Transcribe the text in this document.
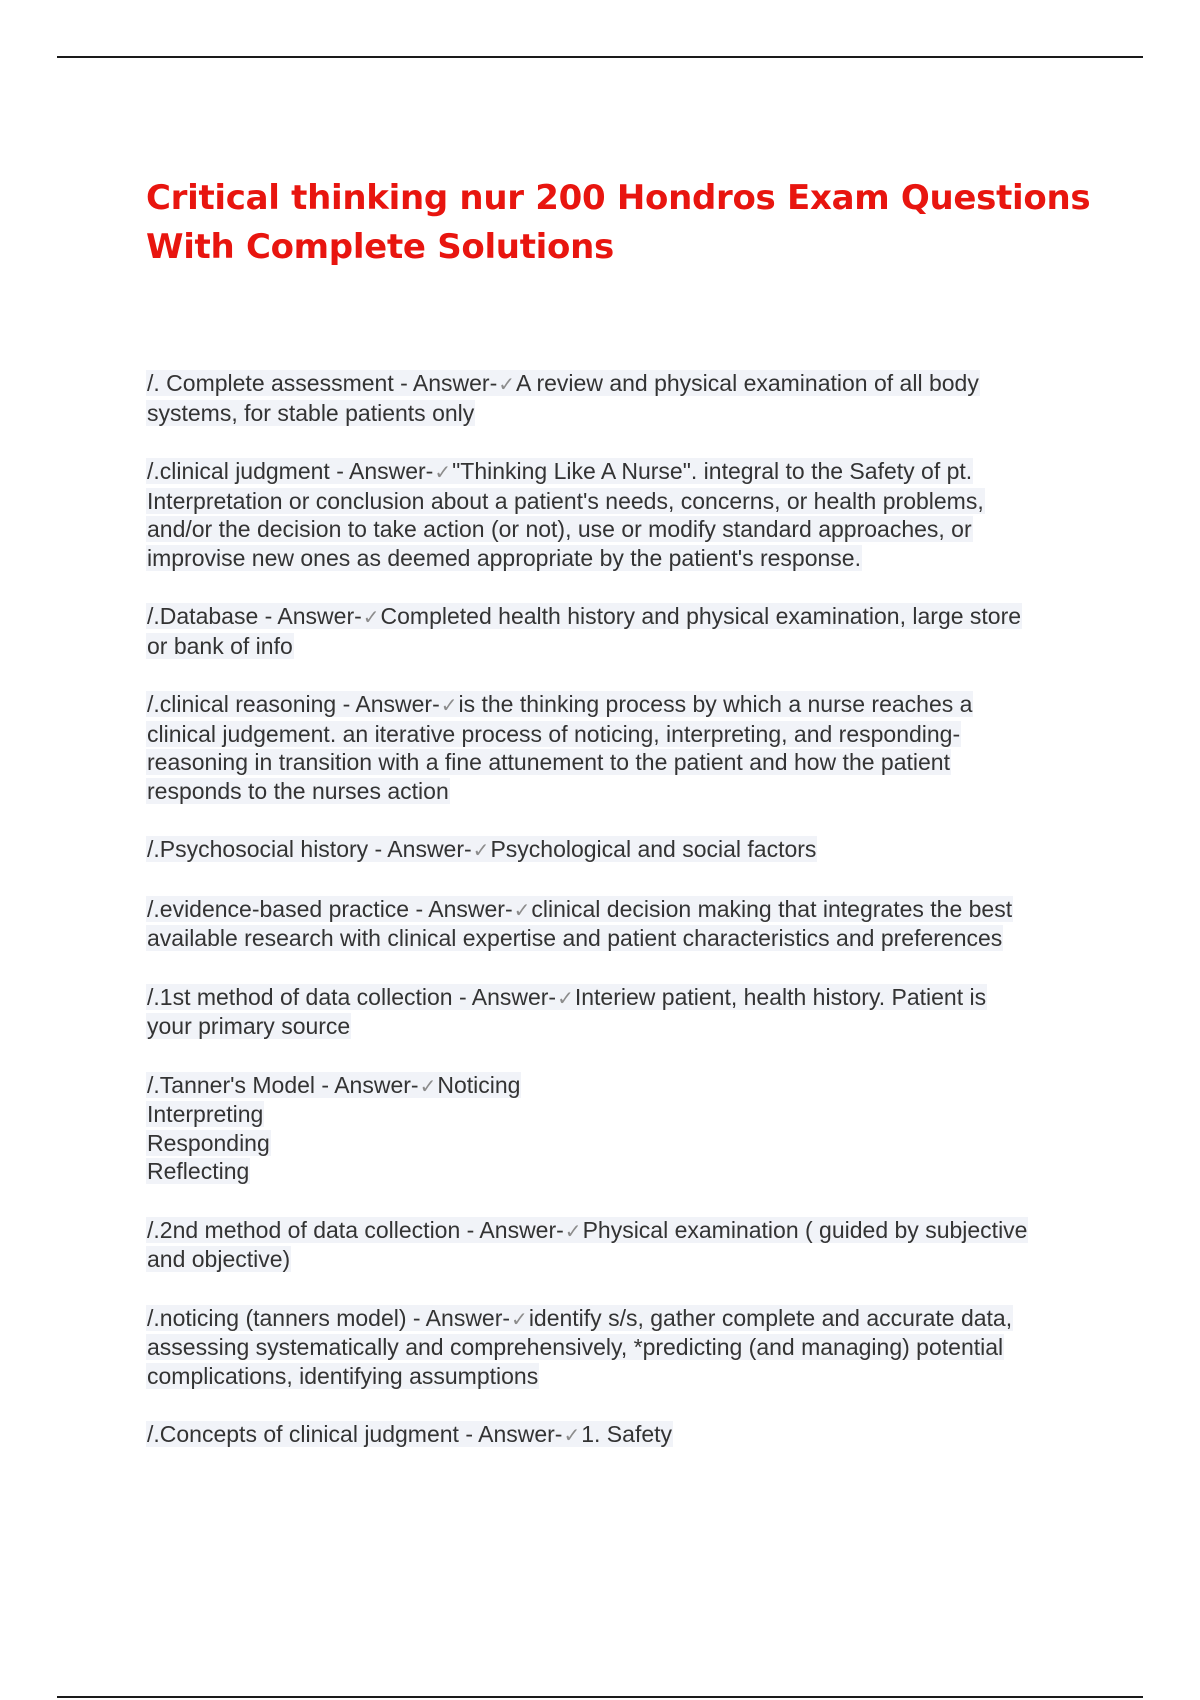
Critical thinking nur 200 Hondros Exam Questions
With Complete Solutions
/. Complete assessment - Answer-✓A review and physical examination of all body
systems, for stable patients only
/.clinical judgment - Answer-✓"Thinking Like A Nurse". integral to the Safety of pt.
Interpretation or conclusion about a patient's needs, concerns, or health problems,
and/or the decision to take action (or not), use or modify standard approaches, or
improvise new ones as deemed appropriate by the patient's response.
/.Database - Answer-✓Completed health history and physical examination, large store
or bank of info
/.clinical reasoning - Answer-✓is the thinking process by which a nurse reaches a
clinical judgement. an iterative process of noticing, interpreting, and responding-
reasoning in transition with a fine attunement to the patient and how the patient
responds to the nurses action
/.Psychosocial history - Answer-✓Psychological and social factors
/.evidence-based practice - Answer-✓clinical decision making that integrates the best
available research with clinical expertise and patient characteristics and preferences
/.1st method of data collection - Answer-✓Interiew patient, health history. Patient is
your primary source
/.Tanner's Model - Answer-✓Noticing
Interpreting
Responding
Reflecting
/.2nd method of data collection - Answer-✓Physical examination ( guided by subjective
and objective)
/.noticing (tanners model) - Answer-✓identify s/s, gather complete and accurate data,
assessing systematically and comprehensively, *predicting (and managing) potential
complications, identifying assumptions
/.Concepts of clinical judgment - Answer-✓1. Safety
